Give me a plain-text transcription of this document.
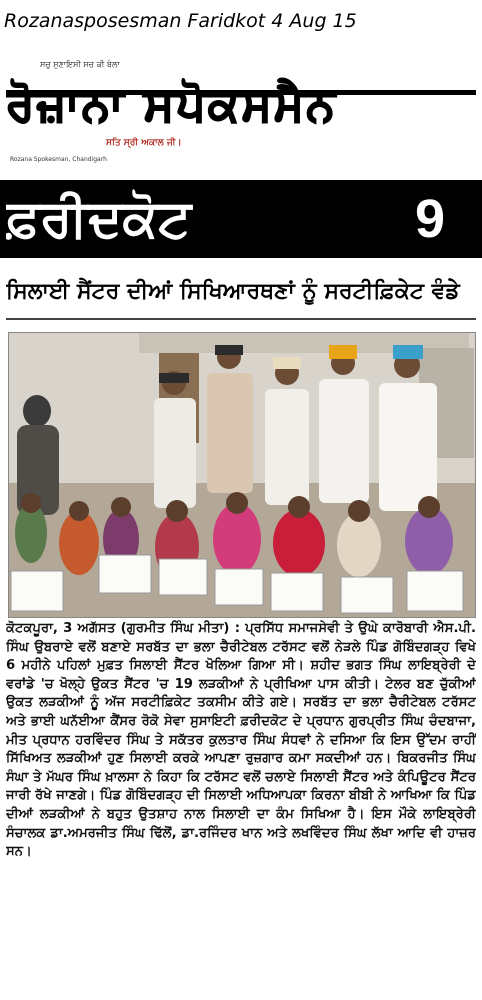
Rozanasposesman Faridkot 4 Aug 15
ਸਚੁ ਸੁਣਾਇਸੀ ਸਚ ਕੀ ਬੇਲਾ
ਰੋਜ਼ਾਨਾ ਸਪੋਕਸਮੈਨ
ਸਤਿ ਸ੍ਰੀ ਅਕਾਲ ਜੀ।
Rozana Spokesman, Chandigarh
ਫ਼ਰੀਦਕੋਟ	9
ਸਿਲਾਈ ਸੈਂਟਰ ਦੀਆਂ ਸਿਖਿਆਰਥਣਾਂ ਨੂੰ ਸਰਟੀਫ਼ਿਕੇਟ ਵੰਡੇ
ਕੋਟਕਪੂਰਾ, 3 ਅਗੱਸਤ (ਗੁਰਮੀਤ ਸਿੰਘ ਮੀਤਾ) : ਪ੍ਰਸਿੱਧ ਸਮਾਜਸੇਵੀ ਤੇ ਉਘੇ ਕਾਰੋਬਾਰੀ ਐਸ.ਪੀ. ਸਿੰਘ ਉਬਰਾਏ ਵਲੋਂ ਬਣਾਏ ਸਰਬੱਤ ਦਾ ਭਲਾ ਚੈਰੀਟੇਬਲ ਟਰੱਸਟ ਵਲੋਂ ਨੇੜਲੇ ਪਿੰਡ ਗੋਬਿੰਦਗੜ੍ਹ ਵਿਖੇ 6 ਮਹੀਨੇ ਪਹਿਲਾਂ ਮੁਫ਼ਤ ਸਿਲਾਈ ਸੈਂਟਰ ਖੋਲਿਆ ਗਿਆ ਸੀ। ਸ਼ਹੀਦ ਭਗਤ ਸਿੰਘ ਲਾਇਬ੍ਰੇਰੀ ਦੇ ਵਰਾਂਡੇ 'ਚ ਖੋਲ੍ਹੇ ਉਕਤ ਸੈਂਟਰ 'ਚ 19 ਲੜਕੀਆਂ ਨੇ ਪ੍ਰੀਖਿਆ ਪਾਸ ਕੀਤੀ। ਟੇਲਰ ਬਣ ਚੁੱਕੀਆਂ ਉਕਤ ਲੜਕੀਆਂ ਨੂੰ ਅੱਜ ਸਰਟੀਫ਼ਿਕੇਟ ਤਕਸੀਮ ਕੀਤੇ ਗਏ। ਸਰਬੱਤ ਦਾ ਭਲਾ ਚੈਰੀਟੇਬਲ ਟਰੱਸਟ ਅਤੇ ਭਾਈ ਘਨੱਈਆ ਕੈਂਸਰ ਰੋਕੋ ਸੇਵਾ ਸੁਸਾਇਟੀ ਫ਼ਰੀਦਕੋਟ ਦੇ ਪ੍ਰਧਾਨ ਗੁਰਪ੍ਰੀਤ ਸਿੰਘ ਚੰਦਬਾਜਾ, ਮੀਤ ਪ੍ਰਧਾਨ ਹਰਵਿੰਦਰ ਸਿੰਘ ਤੇ ਸਕੱਤਰ ਕੁਲਤਾਰ ਸਿੰਘ ਸੰਧਵਾਂ ਨੇ ਦਸਿਆ ਕਿ ਇਸ ਉੱਦਮ ਰਾਹੀਂ ਸਿੱਖਿਅਤ ਲੜਕੀਆਂ ਹੁਣ ਸਿਲਾਈ ਕਰਕੇ ਆਪਣਾ ਰੁਜ਼ਗਾਰ ਕਮਾ ਸਕਦੀਆਂ ਹਨ। ਬਿਕਰਜੀਤ ਸਿੰਘ ਸੰਘਾ ਤੇ ਮੱਘਰ ਸਿੰਘ ਖ਼ਾਲਸਾ ਨੇ ਕਿਹਾ ਕਿ ਟਰੱਸਟ ਵਲੋਂ ਚਲਾਏ ਸਿਲਾਈ ਸੈਂਟਰ ਅਤੇ ਕੰਪਿਊਟਰ ਸੈਂਟਰ ਜਾਰੀ ਰੱਖੇ ਜਾਣਗੇ। ਪਿੰਡ ਗੋਬਿੰਦਗੜ੍ਹ ਦੀ ਸਿਲਾਈ ਅਧਿਆਪਕਾ ਕਿਰਨਾ ਬੀਬੀ ਨੇ ਆਖਿਆ ਕਿ ਪਿੰਡ ਦੀਆਂ ਲੜਕੀਆਂ ਨੇ ਬਹੁਤ ਉਤਸ਼ਾਹ ਨਾਲ ਸਿਲਾਈ ਦਾ ਕੰਮ ਸਿਖਿਆ ਹੈ। ਇਸ ਮੌਕੇ ਲਾਇਬ੍ਰੇਰੀ ਸੰਚਾਲਕ ਡਾ.ਅਮਰਜੀਤ ਸਿੰਘ ਢਿੱਲੋਂ, ਡਾ.ਰਜਿੰਦਰ ਖਾਨ ਅਤੇ ਲਖਵਿੰਦਰ ਸਿੰਘ ਲੱਖਾ ਆਦਿ ਵੀ ਹਾਜ਼ਰ ਸਨ।
